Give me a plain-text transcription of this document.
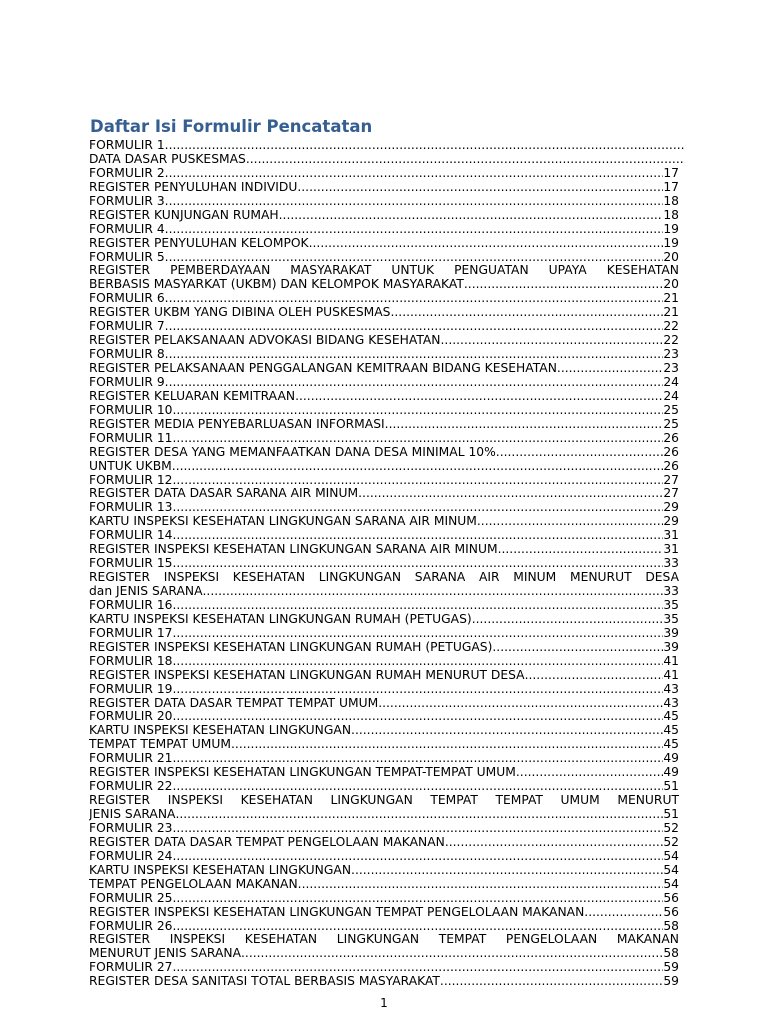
Daftar Isi Formulir Pencatatan
FORMULIR 1
.....
DATA DASAR PUSKESMAS
.....
FORMULIR 2 .....	17
REGISTER PENYULUHAN INDIVIDU .....	17
FORMULIR 3 .....	18
REGISTER KUNJUNGAN RUMAH .....	18
FORMULIR 4 .....	19
REGISTER PENYULUHAN KELOMPOK .....	19
FORMULIR 5 .....	20
REGISTER PEMBERDAYAAN MASYARAKAT UNTUK PENGUATAN UPAYA KESEHATAN
BERBASIS MASYARKAT (UKBM) DAN KELOMPOK MASYARAKAT .....	20
FORMULIR 6 .....	21
REGISTER UKBM YANG DIBINA OLEH PUSKESMAS .....	21
FORMULIR 7 .....	22
REGISTER PELAKSANAAN ADVOKASI BIDANG KESEHATAN .....	22
FORMULIR 8 .....	23
REGISTER PELAKSANAAN PENGGALANGAN KEMITRAAN BIDANG KESEHATAN .....	23
FORMULIR 9 .....	24
REGISTER KELUARAN KEMITRAAN .....	24
FORMULIR 10 .....	25
REGISTER MEDIA PENYEBARLUASAN INFORMASI .....	25
FORMULIR 11 .....	26
REGISTER DESA YANG MEMANFAATKAN DANA DESA MINIMAL 10% .....	26
UNTUK UKBM .....	26
FORMULIR 12 .....	27
REGISTER DATA DASAR SARANA AIR MINUM .....	27
FORMULIR 13 .....	29
KARTU INSPEKSI KESEHATAN LINGKUNGAN SARANA AIR MINUM .....	29
FORMULIR 14 .....	31
REGISTER INSPEKSI KESEHATAN LINGKUNGAN SARANA AIR MINUM .....	31
FORMULIR 15 .....	33
REGISTER INSPEKSI KESEHATAN LINGKUNGAN SARANA AIR MINUM MENURUT DESA
dan JENIS SARANA .....	33
FORMULIR 16 .....	35
KARTU INSPEKSI KESEHATAN LINGKUNGAN RUMAH (PETUGAS) .....	35
FORMULIR 17 .....	39
REGISTER INSPEKSI KESEHATAN LINGKUNGAN RUMAH (PETUGAS) .....	39
FORMULIR 18 .....	41
REGISTER INSPEKSI KESEHATAN LINGKUNGAN RUMAH MENURUT DESA .....	41
FORMULIR 19 .....	43
REGISTER DATA DASAR TEMPAT TEMPAT UMUM .....	43
FORMULIR 20 .....	45
KARTU INSPEKSI KESEHATAN LINGKUNGAN .....	45
TEMPAT TEMPAT UMUM .....	45
FORMULIR 21 .....	49
REGISTER INSPEKSI KESEHATAN LINGKUNGAN TEMPAT-TEMPAT UMUM .....	49
FORMULIR 22 .....	51
REGISTER INSPEKSI KESEHATAN LINGKUNGAN TEMPAT TEMPAT UMUM MENURUT
JENIS SARANA .....	51
FORMULIR 23 .....	52
REGISTER DATA DASAR TEMPAT PENGELOLAAN MAKANAN .....	52
FORMULIR 24 .....	54
KARTU INSPEKSI KESEHATAN LINGKUNGAN .....	54
TEMPAT PENGELOLAAN MAKANAN .....	54
FORMULIR 25 .....	56
REGISTER INSPEKSI KESEHATAN LINGKUNGAN TEMPAT PENGELOLAAN MAKANAN .....	56
FORMULIR 26 .....	58
REGISTER INSPEKSI KESEHATAN LINGKUNGAN TEMPAT PENGELOLAAN MAKANAN
MENURUT JENIS SARANA .....	58
FORMULIR 27 .....	59
REGISTER DESA SANITASI TOTAL BERBASIS MASYARAKAT .....	59
1
